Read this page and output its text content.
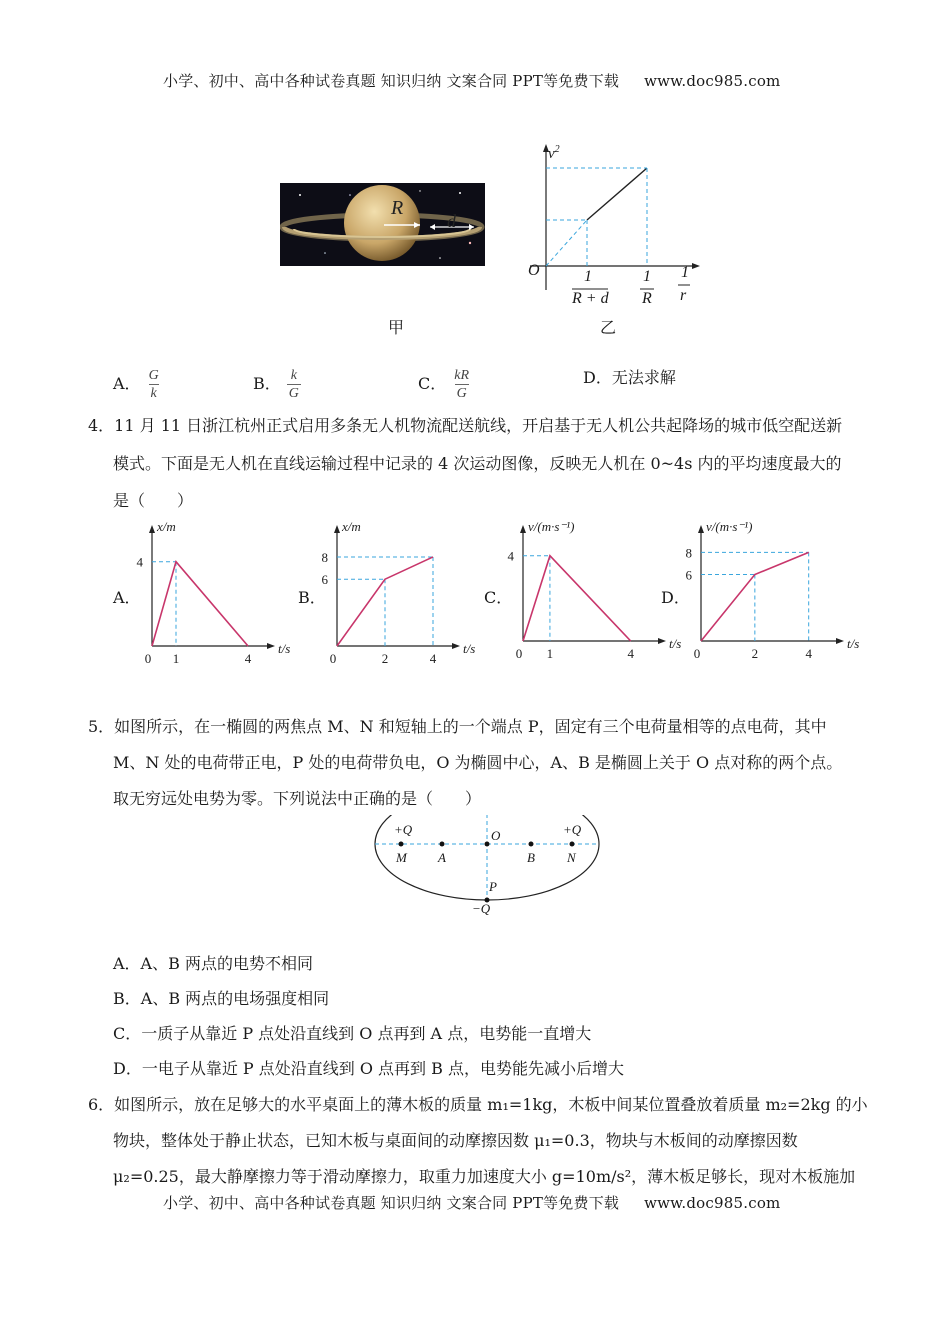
小学、初中、高中各种试卷真题 知识归纳 文案合同 PPT等免费下载 www.doc985.com
R
d
甲
$v^2$
O	1
R + d
1
R
1
r
乙
A． $\frac{G}{k}$	B． $\frac{k}{G}$	C． $\frac{kR}{G}$	D．无法求解
4．11 月 11 日浙江杭州正式启用多条无人机物流配送航线，开启基于无人机公共起降场的城市低空配送新
模式。下面是无人机在直线运输过程中记录的 4 次运动图像，反映无人机在 0~4s 内的平均速度最大的
是（　　）
A．	B．	C．	D．
4
0 1	4
x/m
t/s
8
6
0	2	4
x/m
t/s
4
0 1	4
v/(m·s⁻¹)
t/s
8
6
0	2	4
v/(m·s⁻¹)
t/s
5．如图所示，在一椭圆的两焦点 M、N 和短轴上的一个端点 P，固定有三个电荷量相等的点电荷，其中
M、N 处的电荷带正电，P 处的电荷带负电，O 为椭圆中心，A、B 是椭圆上关于 O 点对称的两个点。
取无穷远处电势为零。下列说法中正确的是（　　）
+Q	+Q
O
M A	B N
P
−Q
A．A、B 两点的电势不相同
B．A、B 两点的电场强度相同
C．一质子从靠近 P 点处沿直线到 O 点再到 A 点，电势能一直增大
D．一电子从靠近 P 点处沿直线到 O 点再到 B 点，电势能先减小后增大
6．如图所示，放在足够大的水平桌面上的薄木板的质量 m₁=1kg，木板中间某位置叠放着质量 m₂=2kg 的小
物块，整体处于静止状态，已知木板与桌面间的动摩擦因数 μ₁=0.3，物块与木板间的动摩擦因数
μ₂=0.25，最大静摩擦力等于滑动摩擦力，取重力加速度大小 g=10m/s²，薄木板足够长，现对木板施加
小学、初中、高中各种试卷真题 知识归纳 文案合同 PPT等免费下载 www.doc985.com
